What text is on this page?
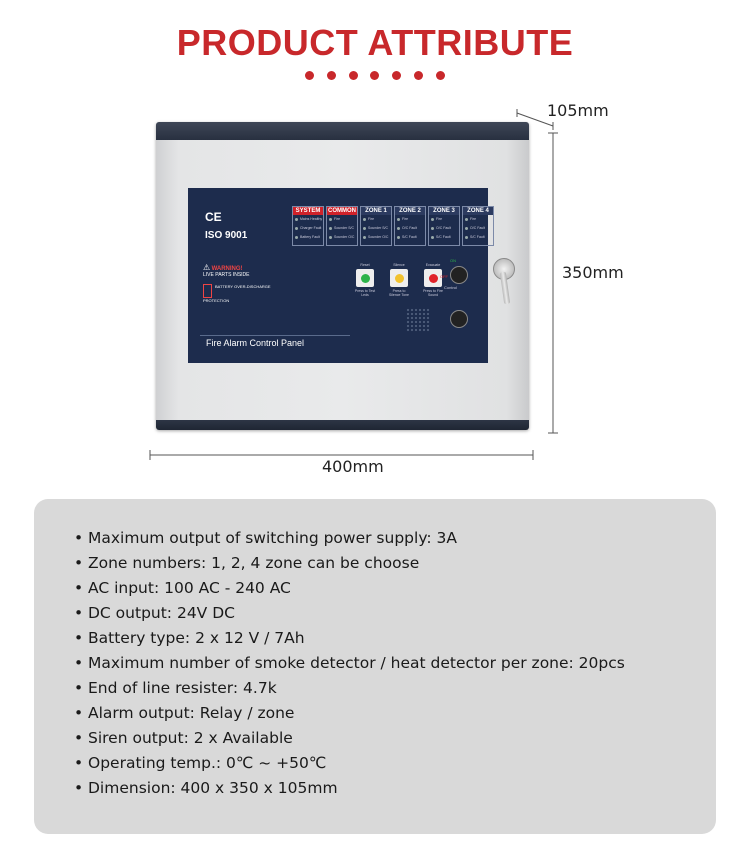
PRODUCT ATTRIBUTE
105mm
350mm
400mm
CE
ISO 9001
SYSTEM
Mains Healthy
Charger Fault
Battery Fault
COMMON
Fire
Sounder S/C
Sounder O/C
ZONE 1
Fire
Sounder S/C
Sounder O/C
ZONE 2
Fire
O/C Fault
S/C Fault
ZONE 3
Fire
O/C Fault
S/C Fault
ZONE 4
Fire
O/C Fault
S/C Fault
⚠ WARNING!
LIVE PARTS INSIDE
BATTERY OVER-DISCHARGE PROTECTION
Reset
Press to Test Leds
Silence
Press to Silence Tone
Evacuate
Press to Fire Sound
ON
OFF
Control
Fire Alarm Control Panel
• Maximum output of switching power supply: 3A
• Zone numbers: 1, 2, 4 zone can be choose
• AC input: 100 AC - 240 AC
• DC output: 24V DC
• Battery type: 2 x 12 V / 7Ah
• Maximum number of smoke detector / heat detector per zone: 20pcs
• End of line resister: 4.7k
• Alarm output: Relay / zone
• Siren output: 2 x Available
• Operating temp.: 0℃ ~ +50℃
• Dimension: 400 x 350 x 105mm
